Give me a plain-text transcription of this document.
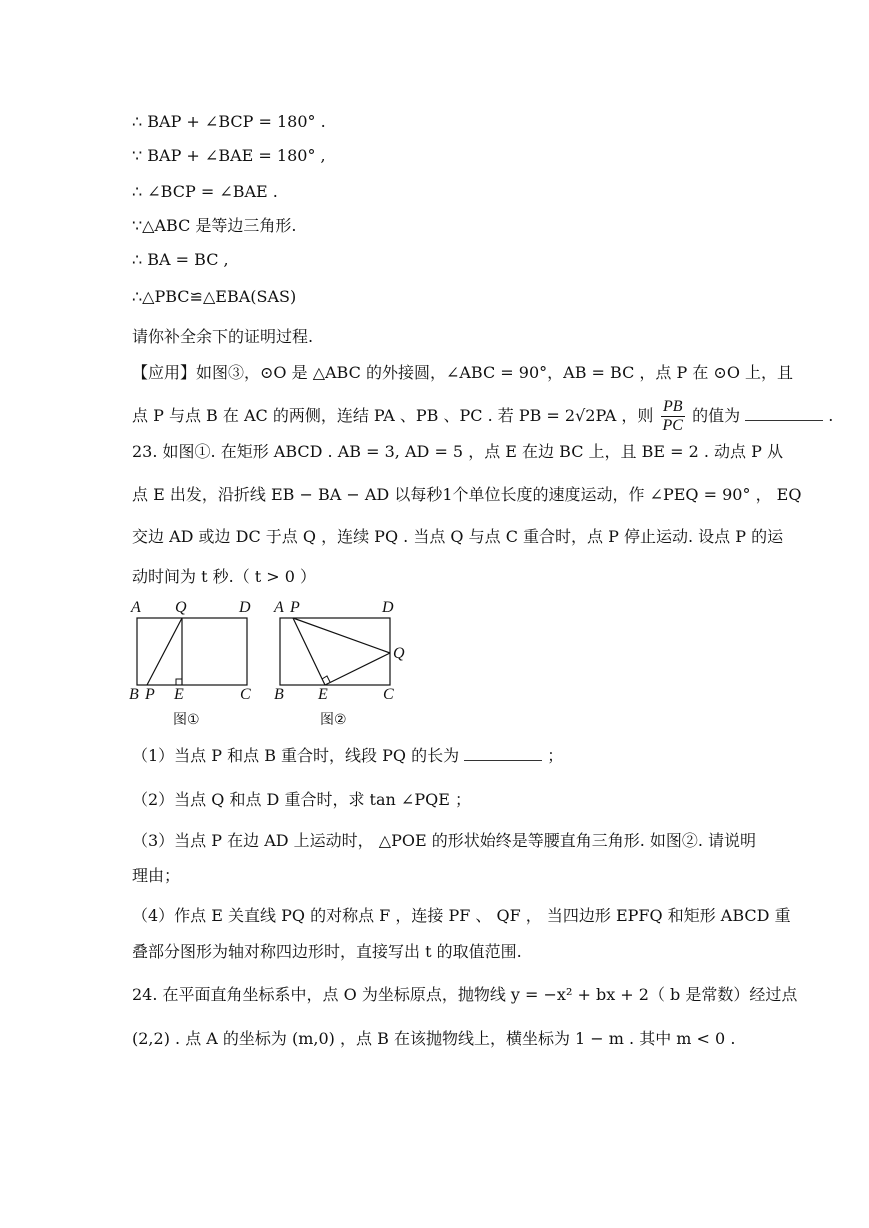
∴ BAP + ∠BCP = 180° .
∵ BAP + ∠BAE = 180° ,
∴ ∠BCP = ∠BAE .
∵△ABC 是等边三角形.
∴ BA = BC ,
∴△PBC≌△EBA(SAS)
请你补全余下的证明过程.
【应用】如图③，⊙O 是 △ABC 的外接圆，∠ABC = 90°，AB = BC ，点 P 在 ⊙O 上，且
点 P 与点 B 在 AC 的两侧，连结 PA 、PB 、PC . 若 PB = 2√2PA ，则 $\frac{PB}{PC}$ 的值为	.
23. 如图①. 在矩形 ABCD . AB = 3, AD = 5 ，点 E 在边 BC 上，且 BE = 2 . 动点 P 从
点 E 出发，沿折线 EB − BA − AD 以每秒1个单位长度的速度运动，作 ∠PEQ = 90° ， EQ
交边 AD 或边 DC 于点 Q ，连续 PQ . 当点 Q 与点 C 重合时，点 P 停止运动. 设点 P 的运
动时间为 t 秒.（ t > 0 ）
A Q	D
B P E	C
图①
A P	D
Q
B E	C
图②
（1）当点 P 和点 B 重合时，线段 PQ 的长为	；
（2）当点 Q 和点 D 重合时，求 tan ∠PQE ；
（3）当点 P 在边 AD 上运动时， △POE 的形状始终是等腰直角三角形. 如图②. 请说明
理由；
（4）作点 E 关直线 PQ 的对称点 F ，连接 PF 、 QF ， 当四边形 EPFQ 和矩形 ABCD 重
叠部分图形为轴对称四边形时，直接写出 t 的取值范围.
24. 在平面直角坐标系中，点 O 为坐标原点，抛物线 y = −x² + bx + 2（ b 是常数）经过点
(2,2) . 点 A 的坐标为 (m,0) ，点 B 在该抛物线上，横坐标为 1 − m . 其中 m < 0 .
